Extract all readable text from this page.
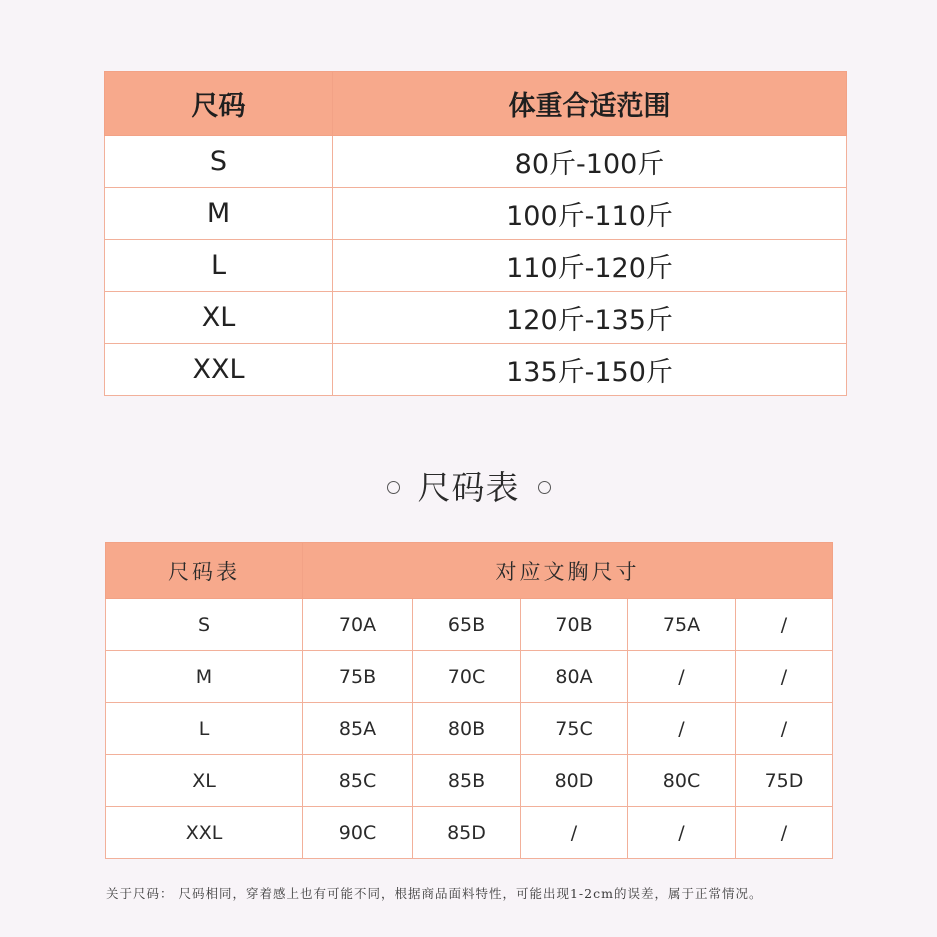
尺码	体重合适范围
S	80斤-100斤
M	100斤-110斤
L	110斤-120斤
XL	120斤-135斤
XXL	135斤-150斤
尺码表
尺码表	对应文胸尺寸				
S	70A	65B	70B	75A	/
M	75B	70C	80A	/	/
L	85A	80B	75C	/	/
XL	85C	85B	80D	80C	75D
XXL	90C	85D	/	/	/
关于尺码： 尺码相同，穿着感上也有可能不同，根据商品面料特性，可能出现1-2cm的误差，属于正常情况。
